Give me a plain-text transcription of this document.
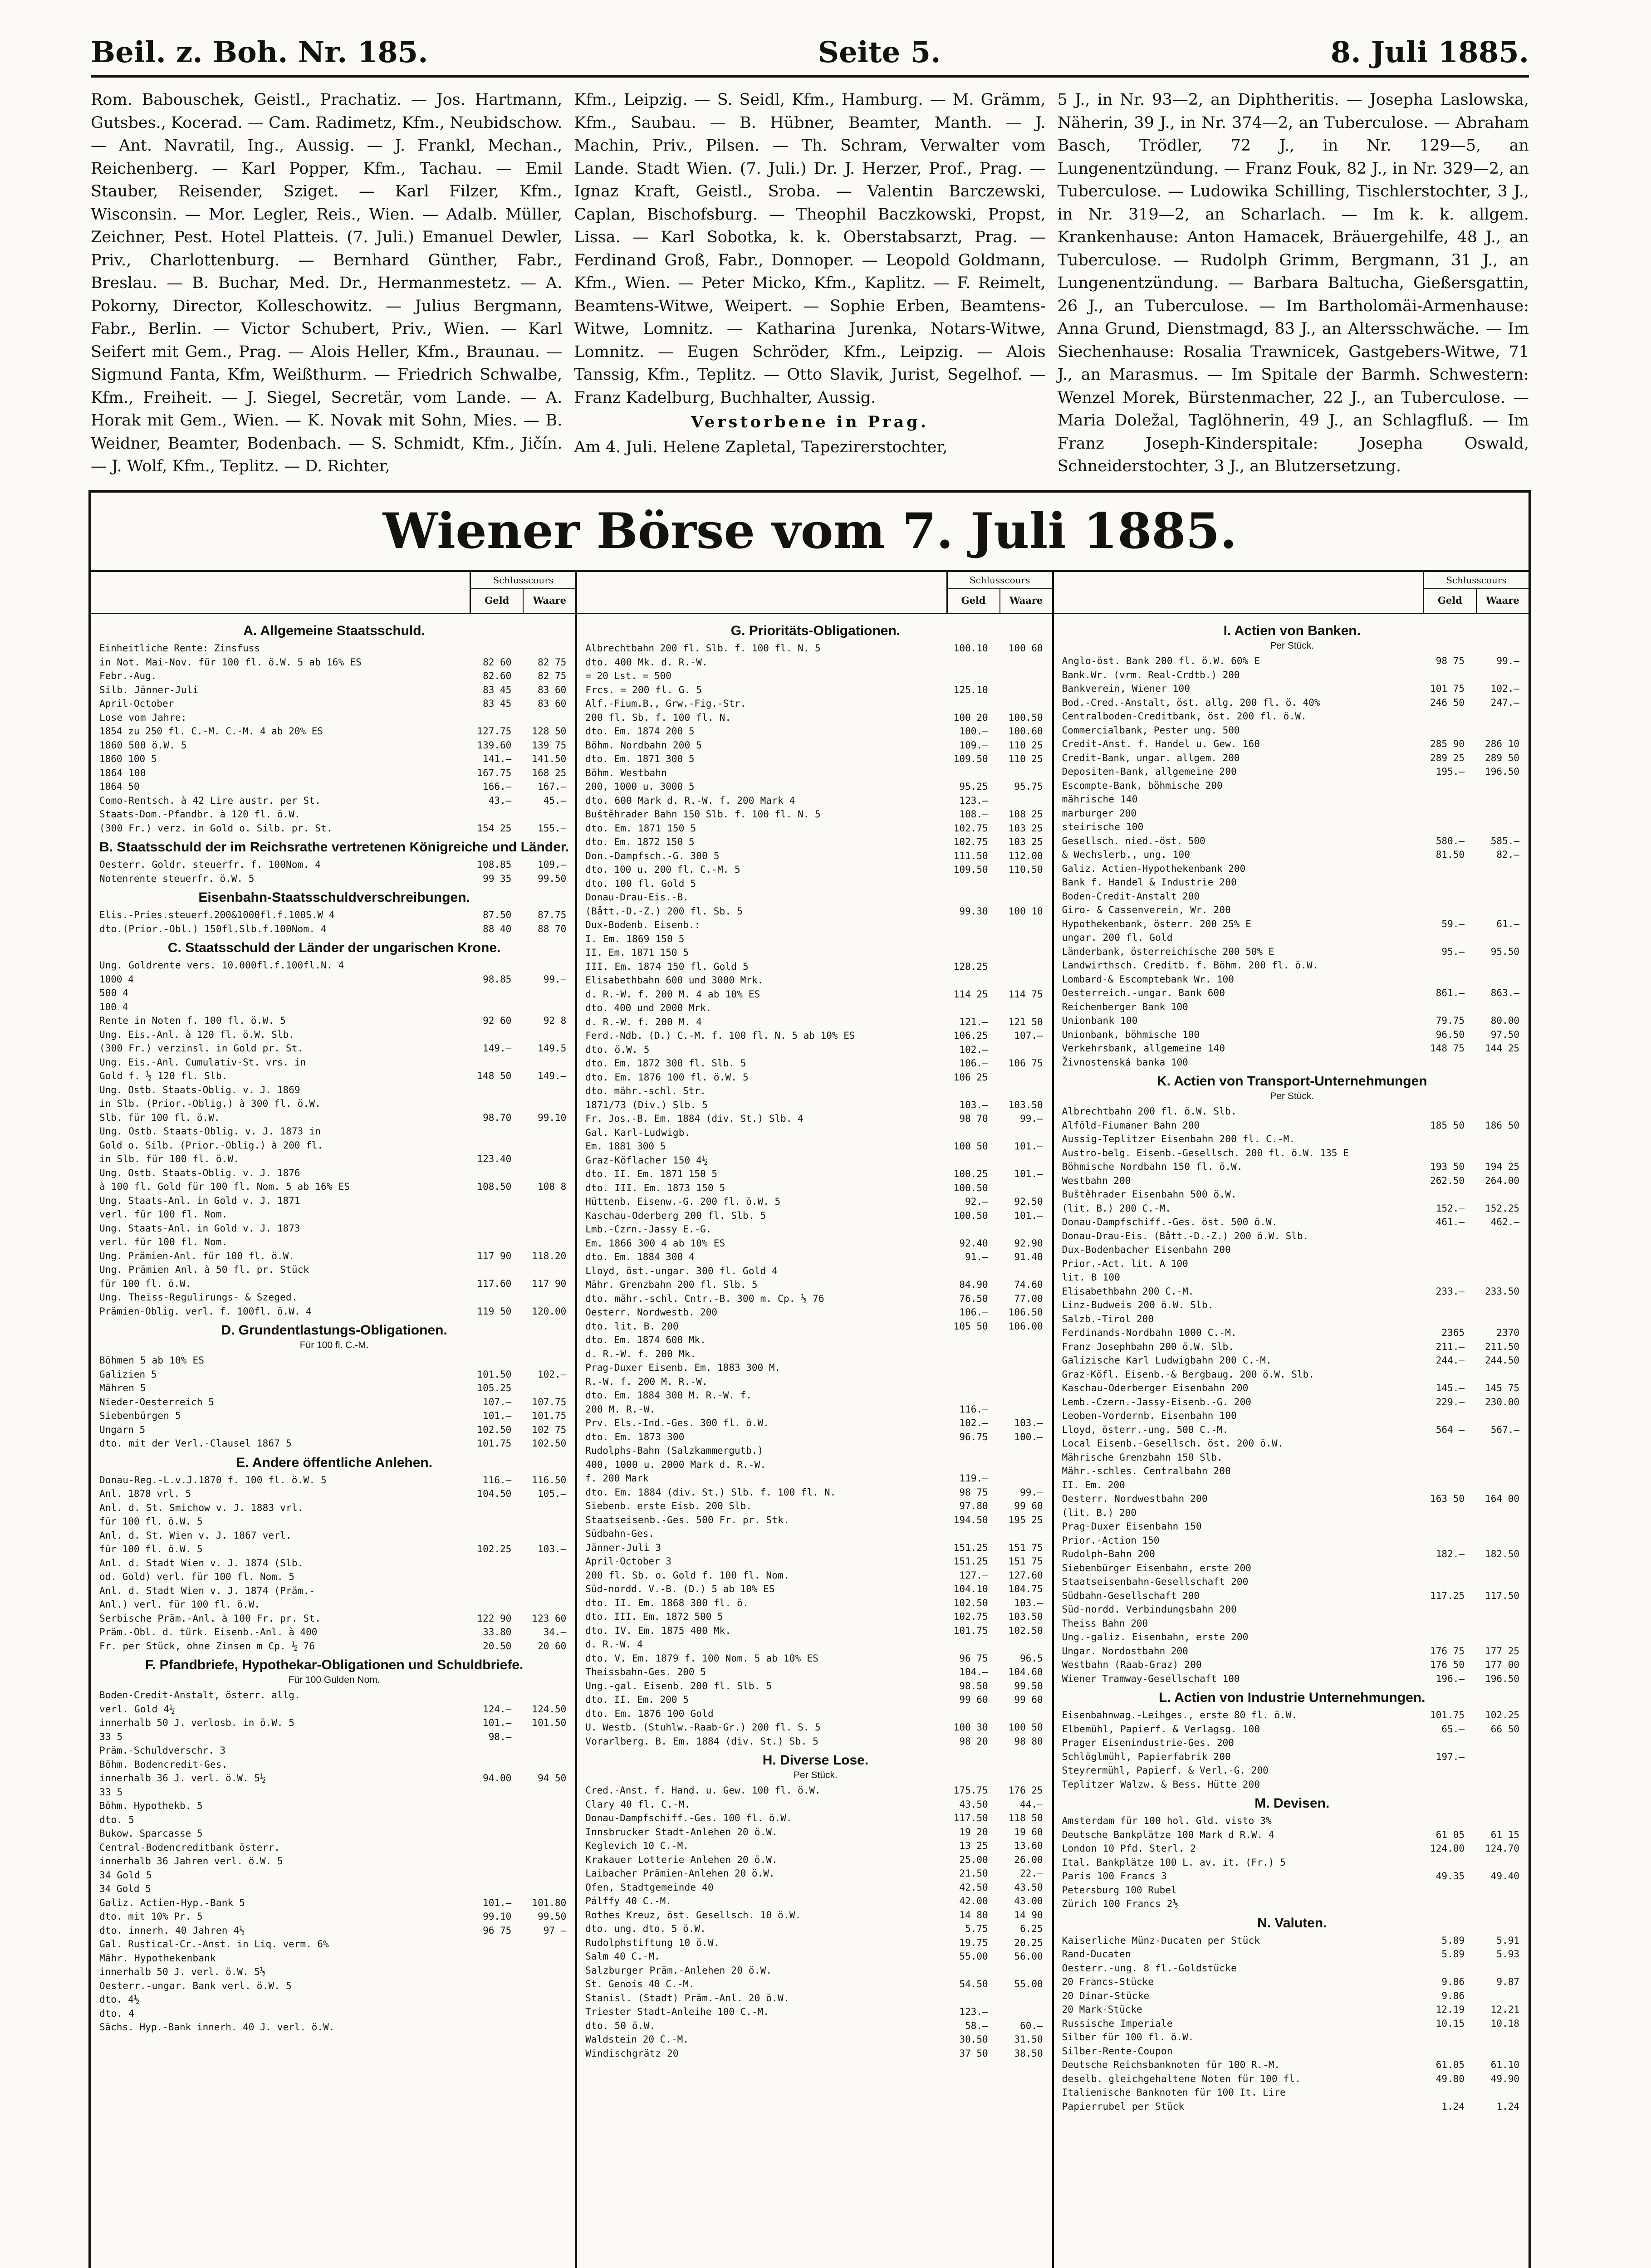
Beil. z. Boh. Nr. 185.	Seite 5.	8. Juli 1885.
Rom. Babouschek, Geistl., Prachatiz. — Jos. Hartmann, Gutsbes., Kocerad. — Cam. Radimetz, Kfm., Neubidschow. — Ant. Navratil, Ing., Aussig. — J. Frankl, Mechan., Reichenberg. — Karl Popper, Kfm., Tachau. — Emil Stauber, Reisender, Sziget. — Karl Filzer, Kfm., Wisconsin. — Mor. Legler, Reis., Wien. — Adalb. Müller, Zeichner, Pest. Hotel Platteis. (7. Juli.) Emanuel Dewler, Priv., Charlottenburg. — Bernhard Günther, Fabr., Breslau. — B. Buchar, Med. Dr., Hermanmestetz. — A. Pokorny, Director, Kolleschowitz. — Julius Bergmann, Fabr., Berlin. — Victor Schubert, Priv., Wien. — Karl Seifert mit Gem., Prag. — Alois Heller, Kfm., Braunau. — Sigmund Fanta, Kfm, Weißthurm. — Friedrich Schwalbe, Kfm., Freiheit. — J. Siegel, Secretär, vom Lande. — A. Horak mit Gem., Wien. — K. Novak mit Sohn, Mies. — B. Weidner, Beamter, Bodenbach. — S. Schmidt, Kfm., Jičín. — J. Wolf, Kfm., Teplitz. — D. Richter,
Kfm., Leipzig. — S. Seidl, Kfm., Hamburg. — M. Grämm, Kfm., Saubau. — B. Hübner, Beamter, Manth. — J. Machin, Priv., Pilsen. — Th. Schram, Verwalter vom Lande. Stadt Wien. (7. Juli.) Dr. J. Herzer, Prof., Prag. — Ignaz Kraft, Geistl., Sroba. — Valentin Barczewski, Caplan, Bischofsburg. — Theophil Baczkowski, Propst, Lissa. — Karl Sobotka, k. k. Oberstabsarzt, Prag. — Ferdinand Groß, Fabr., Donnoper. — Leopold Goldmann, Kfm., Wien. — Peter Micko, Kfm., Kaplitz. — F. Reimelt, Beamtens-Witwe, Weipert. — Sophie Erben, Beamtens-Witwe, Lomnitz. — Katharina Jurenka, Notars-Witwe, Lomnitz. — Eugen Schröder, Kfm., Leipzig. — Alois Tanssig, Kfm., Teplitz. — Otto Slavik, Jurist, Segelhof. — Franz Kadelburg, Buchhalter, Aussig.
Verstorbene in Prag.
Am 4. Juli. Helene Zapletal, Tapezirerstochter,
5 J., in Nr. 93—2, an Diphtheritis. — Josepha Laslowska, Näherin, 39 J., in Nr. 374—2, an Tuberculose. — Abraham Basch, Trödler, 72 J., in Nr. 129—5, an Lungenentzündung. — Franz Fouk, 82 J., in Nr. 329—2, an Tuberculose. — Ludowika Schilling, Tischlerstochter, 3 J., in Nr. 319—2, an Scharlach. — Im k. k. allgem. Krankenhause: Anton Hamacek, Bräuergehilfe, 48 J., an Tuberculose. — Rudolph Grimm, Bergmann, 31 J., an Lungenentzündung. — Barbara Baltucha, Gießersgattin, 26 J., an Tuberculose. — Im Bartholomäi-Armenhause: Anna Grund, Dienstmagd, 83 J., an Altersschwäche. — Im Siechenhause: Rosalia Trawnicek, Gastgebers-Witwe, 71 J., an Marasmus. — Im Spitale der Barmh. Schwestern: Wenzel Morek, Bürstenmacher, 22 J., an Tuberculose. — Maria Doležal, Taglöhnerin, 49 J., an Schlagfluß. — Im Franz Joseph-Kinderspitale: Josepha Oswald, Schneiderstochter, 3 J., an Blutzersetzung.
Wiener Börse vom 7. Juli 1885.
Schlusscours
Geld	Waare
A. Allgemeine Staatsschuld.
Einheitliche Rente: Zinsfuss
in Not. Mai-Nov. für 100 fl. ö.W. 5 ab 16% ES	82 60	82 75
Febr.-Aug.	82.60	82 75
Silb. Jänner-Juli	83 45	83 60
April-October	83 45	83 60
Lose vom Jahre:
1854 zu 250 fl. C.-M. C.-M. 4 ab 20% ES	127.75	128 50
1860 500 ö.W. 5	139.60	139 75
1860 100 5	141.—	141.50
1864 100	167.75	168 25
1864 50	166.—	167.—
Como-Rentsch. à 42 Lire austr. per St.	43.—	45.—
Staats-Dom.-Pfandbr. à 120 fl. ö.W.
(300 Fr.) verz. in Gold o. Silb. pr. St.	154 25	155.—
B. Staatsschuld der im Reichsrathe vertretenen Königreiche und Länder.
Oesterr. Goldr. steuerfr. f. 100Nom. 4	108.85	109.—
Notenrente steuerfr. ö.W. 5	99 35	99.50
Eisenbahn-Staatsschuldverschreibungen.
Elis.-Pries.steuerf.200&1000fl.f.100S.W 4	87.50	87.75
dto.(Prior.-Obl.) 150fl.Slb.f.100Nom. 4	88 40	88 70
C. Staatsschuld der Länder der ungarischen Krone.
Ung. Goldrente vers. 10.000fl.f.100fl.N. 4
1000 4	98.85	99.—
500 4
100 4
Rente in Noten f. 100 fl. ö.W. 5	92 60	92 8
Ung. Eis.-Anl. à 120 fl. ö.W. Slb.
(300 Fr.) verzinsl. in Gold pr. St.	149.—	149.5
Ung. Eis.-Anl. Cumulativ-St. vrs. in
Gold f. ½ 120 fl. Slb.	148 50	149.—
Ung. Ostb. Staats-Oblig. v. J. 1869
in Slb. (Prior.-Oblig.) à 300 fl. ö.W.
Slb. für 100 fl. ö.W.	98.70	99.10
Ung. Ostb. Staats-Oblig. v. J. 1873 in
Gold o. Silb. (Prior.-Oblig.) à 200 fl.
in Slb. für 100 fl. ö.W.	123.40
Ung. Ostb. Staats-Oblig. v. J. 1876
à 100 fl. Gold für 100 fl. Nom. 5 ab 16% ES	108.50	108 8
Ung. Staats-Anl. in Gold v. J. 1871
verl. für 100 fl. Nom.
Ung. Staats-Anl. in Gold v. J. 1873
verl. für 100 fl. Nom.
Ung. Prämien-Anl. für 100 fl. ö.W.	117 90	118.20
Ung. Prämien Anl. à 50 fl. pr. Stück
für 100 fl. ö.W.	117.60	117 90
Ung. Theiss-Regulirungs- & Szeged.
Prämien-Oblig. verl. f. 100fl. ö.W. 4	119 50	120.00
D. Grundentlastungs-Obligationen.
Für 100 fl. C.-M.
Böhmen 5 ab 10% ES
Galizien 5	101.50	102.—
Mähren 5	105.25
Nieder-Oesterreich 5	107.—	107.75
Siebenbürgen 5	101.—	101.75
Ungarn 5	102.50	102 75
dto. mit der Verl.-Clausel 1867 5	101.75	102.50
E. Andere öffentliche Anlehen.
Donau-Reg.-L.v.J.1870 f. 100 fl. ö.W. 5	116.—	116.50
Anl. 1878 vrl. 5	104.50	105.—
Anl. d. St. Smichow v. J. 1883 vrl.
für 100 fl. ö.W. 5
Anl. d. St. Wien v. J. 1867 verl.
für 100 fl. ö.W. 5	102.25	103.—
Anl. d. Stadt Wien v. J. 1874 (Slb.
od. Gold) verl. für 100 fl. Nom. 5
Anl. d. Stadt Wien v. J. 1874 (Präm.-
Anl.) verl. für 100 fl. ö.W.
Serbische Präm.-Anl. à 100 Fr. pr. St.	122 90	123 60
Präm.-Obl. d. türk. Eisenb.-Anl. à 400	33.80	34.—
Fr. per Stück, ohne Zinsen m Cp. ½ 76	20.50	20 60
F. Pfandbriefe, Hypothekar-Obligationen und Schuldbriefe.
Für 100 Gulden Nom.
Boden-Credit-Anstalt, österr. allg.
verl. Gold 4½	124.—	124.50
innerhalb 50 J. verlosb. in ö.W. 5	101.—	101.50
33 5	98.—
Präm.-Schuldverschr. 3
Böhm. Bodencredit-Ges.
innerhalb 36 J. verl. ö.W. 5½	94.00	94 50
33 5
Böhm. Hypothekb. 5
dto. 5
Bukow. Sparcasse 5
Central-Bodencreditbank österr.
innerhalb 36 Jahren verl. ö.W. 5
34 Gold 5
34 Gold 5
Galiz. Actien-Hyp.-Bank 5	101.—	101.80
dto. mit 10% Pr. 5	99.10	99.50
dto. innerh. 40 Jahren 4½	96 75	97 —
Gal. Rustical-Cr.-Anst. in Liq. verm. 6%
Mähr. Hypothekenbank
innerhalb 50 J. verl. ö.W. 5½
Oesterr.-ungar. Bank verl. ö.W. 5
dto. 4½
dto. 4
Sächs. Hyp.-Bank innerh. 40 J. verl. ö.W.
Schlusscours
Geld	Waare
G. Prioritäts-Obligationen.
Albrechtbahn 200 fl. Slb. f. 100 fl. N. 5	100.10	100 60
dto. 400 Mk. d. R.-W.
= 20 Lst. = 500
Frcs. = 200 fl. G. 5	125.10
Alf.-Fium.B., Grw.-Fig.-Str.
200 fl. Sb. f. 100 fl. N.	100 20	100.50
dto. Em. 1874 200 5	100.—	100.60
Böhm. Nordbahn 200 5	109.—	110 25
dto. Em. 1871 300 5	109.50	110 25
Böhm. Westbahn
200, 1000 u. 3000 5	95.25	95.75
dto. 600 Mark d. R.-W. f. 200 Mark 4	123.—
Buštěhrader Bahn 150 Slb. f. 100 fl. N. 5	108.—	108 25
dto. Em. 1871 150 5	102.75	103 25
dto. Em. 1872 150 5	102.75	103 25
Don.-Dampfsch.-G. 300 5	111.50	112.00
dto. 100 u. 200 fl. C.-M. 5	109.50	110.50
dto. 100 fl. Gold 5
Donau-Drau-Eis.-B.
(Bått.-D.-Z.) 200 fl. Sb. 5	99.30	100 10
Dux-Bodenb. Eisenb.:
I. Em. 1869 150 5
II. Em. 1871 150 5
III. Em. 1874 150 fl. Gold 5	128.25
Elisabethbahn 600 und 3000 Mrk.
d. R.-W. f. 200 M. 4 ab 10% ES	114 25	114 75
dto. 400 und 2000 Mrk.
d. R.-W. f. 200 M. 4	121.—	121 50
Ferd.-Ndb. (D.) C.-M. f. 100 fl. N. 5 ab 10% ES	106.25	107.—
dto. ö.W. 5	102.—
dto. Em. 1872 300 fl. Slb. 5	106.—	106 75
dto. Em. 1876 100 fl. ö.W. 5	106 25
dto. mähr.-schl. Str.
1871/73 (Div.) Slb. 5	103.—	103.50
Fr. Jos.-B. Em. 1884 (div. St.) Slb. 4	98 70	99.—
Gal. Karl-Ludwigb.
Em. 1881 300 5	100 50	101.—
Graz-Köflacher 150 4½
dto. II. Em. 1871 150 5	100.25	101.—
dto. III. Em. 1873 150 5	100.50
Hüttenb. Eisenw.-G. 200 fl. ö.W. 5	92.—	92.50
Kaschau-Oderberg 200 fl. Slb. 5	100.50	101.—
Lmb.-Czrn.-Jassy E.-G.
Em. 1866 300 4 ab 10% ES	92.40	92.90
dto. Em. 1884 300 4	91.—	91.40
Lloyd, öst.-ungar. 300 fl. Gold 4
Mähr. Grenzbahn 200 fl. Slb. 5	84.90	74.60
dto. mähr.-schl. Cntr.-B. 300 m. Cp. ½ 76	76.50	77.00
Oesterr. Nordwestb. 200	106.—	106.50
dto. lit. B. 200	105 50	106.00
dto. Em. 1874 600 Mk.
d. R.-W. f. 200 Mk.
Prag-Duxer Eisenb. Em. 1883 300 M.
R.-W. f. 200 M. R.-W.
dto. Em. 1884 300 M. R.-W. f.
200 M. R.-W.	116.—
Prv. Els.-Ind.-Ges. 300 fl. ö.W.	102.—	103.—
dto. Em. 1873 300	96.75	100.—
Rudolphs-Bahn (Salzkammergutb.)
400, 1000 u. 2000 Mark d. R.-W.
f. 200 Mark	119.—
dto. Em. 1884 (div. St.) Slb. f. 100 fl. N.	98 75	99.—
Siebenb. erste Eisb. 200 Slb.	97.80	99 60
Staatseisenb.-Ges. 500 Fr. pr. Stk.	194.50	195 25
Südbahn-Ges.
Jänner-Juli 3	151.25	151 75
April-October 3	151.25	151 75
200 fl. Sb. o. Gold f. 100 fl. Nom.	127.—	127.60
Süd-nordd. V.-B. (D.) 5 ab 10% ES	104.10	104.75
dto. II. Em. 1868 300 fl. ö.	102.50	103.—
dto. III. Em. 1872 500 5	102.75	103.50
dto. IV. Em. 1875 400 Mk.	101.75	102.50
d. R.-W. 4
dto. V. Em. 1879 f. 100 Nom. 5 ab 10% ES	96 75	96.5
Theissbahn-Ges. 200 5	104.—	104.60
Ung.-gal. Eisenb. 200 fl. Slb. 5	98.50	99.50
dto. II. Em. 200 5	99 60	99 60
dto. Em. 1876 100 Gold
U. Westb. (Stuhlw.-Raab-Gr.) 200 fl. S. 5	100 30	100 50
Vorarlberg. B. Em. 1884 (div. St.) Sb. 5	98 20	98 80
H. Diverse Lose.
Per Stück.
Cred.-Anst. f. Hand. u. Gew. 100 fl. ö.W.	175.75	176 25
Clary 40 fl. C.-M.	43.50	44.—
Donau-Dampfschiff.-Ges. 100 fl. ö.W.	117.50	118 50
Innsbrucker Stadt-Anlehen 20 ö.W.	19 20	19 60
Keglevich 10 C.-M.	13 25	13.60
Krakauer Lotterie Anlehen 20 ö.W.	25.00	26.00
Laibacher Prämien-Anlehen 20 ö.W.	21.50	22.—
Ofen, Stadtgemeinde 40	42.50	43.50
Pálffy 40 C.-M.	42.00	43.00
Rothes Kreuz, öst. Gesellsch. 10 ö.W.	14 80	14 90
dto. ung. dto. 5 ö.W.	5.75	6.25
Rudolphstiftung 10 ö.W.	19.75	20.25
Salm 40 C.-M.	55.00	56.00
Salzburger Präm.-Anlehen 20 ö.W.
St. Genois 40 C.-M.	54.50	55.00
Stanisl. (Stadt) Präm.-Anl. 20 ö.W.
Triester Stadt-Anleihe 100 C.-M.	123.—
dto. 50 ö.W.	58.—	60.—
Waldstein 20 C.-M.	30.50	31.50
Windischgrätz 20	37 50	38.50
Schlusscours
Geld	Waare
I. Actien von Banken.
Per Stück.
Anglo-öst. Bank 200 fl. ö.W. 60% E	98 75	99.—
Bank.Wr. (vrm. Real-Crdtb.) 200
Bankverein, Wiener 100	101 75	102.—
Bod.-Cred.-Anstalt, öst. allg. 200 fl. ö. 40%	246 50	247.—
Centralboden-Creditbank, öst. 200 fl. ö.W.
Commercialbank, Pester ung. 500
Credit-Anst. f. Handel u. Gew. 160	285 90	286 10
Credit-Bank, ungar. allgem. 200	289 25	289 50
Depositen-Bank, allgemeine 200	195.—	196.50
Escompte-Bank, böhmische 200
mährische 140
marburger 200
steirische 100
Gesellsch. nied.-öst. 500	580.—	585.—
& Wechslerb., ung. 100	81.50	82.—
Galiz. Actien-Hypothekenbank 200
Bank f. Handel & Industrie 200
Boden-Credit-Anstalt 200
Giro- & Cassenverein, Wr. 200
Hypothekenbank, österr. 200 25% E	59.—	61.—
ungar. 200 fl. Gold
Länderbank, österreichische 200 50% E	95.—	95.50
Landwirthsch. Creditb. f. Böhm. 200 fl. ö.W.
Lombard-& Escomptebank Wr. 100
Oesterreich.-ungar. Bank 600	861.—	863.—
Reichenberger Bank 100
Unionbank 100	79.75	80.00
Unionbank, böhmische 100	96.50	97.50
Verkehrsbank, allgemeine 140	148 75	144 25
Živnostenská banka 100
K. Actien von Transport-Unternehmungen
Per Stück.
Albrechtbahn 200 fl. ö.W. Slb.
Alföld-Fiumaner Bahn 200	185 50	186 50
Aussig-Teplitzer Eisenbahn 200 fl. C.-M.
Austro-belg. Eisenb.-Gesellsch. 200 fl. ö.W. 135 E
Böhmische Nordbahn 150 fl. ö.W.	193 50	194 25
Westbahn 200	262.50	264.00
Buštěhrader Eisenbahn 500 ö.W.
(lit. B.) 200 C.-M.	152.—	152.25
Donau-Dampfschiff.-Ges. öst. 500 ö.W.	461.—	462.—
Donau-Drau-Eis. (Bått.-D.-Z.) 200 ö.W. Slb.
Dux-Bodenbacher Eisenbahn 200
Prior.-Act. lit. A 100
lit. B 100
Elisabethbahn 200 C.-M.	233.—	233.50
Linz-Budweis 200 ö.W. Slb.
Salzb.-Tirol 200
Ferdinands-Nordbahn 1000 C.-M.	2365	2370
Franz Josephbahn 200 ö.W. Slb.	211.—	211.50
Galizische Karl Ludwigbahn 200 C.-M.	244.—	244.50
Graz-Köfl. Eisenb.-& Bergbaug. 200 ö.W. Slb.
Kaschau-Oderberger Eisenbahn 200	145.—	145 75
Lemb.-Czern.-Jassy-Eisenb.-G. 200	229.—	230.00
Leoben-Vordernb. Eisenbahn 100
Lloyd, österr.-ung. 500 C.-M.	564 —	567.—
Local Eisenb.-Gesellsch. öst. 200 ö.W.
Mährische Grenzbahn 150 Slb.
Mähr.-schles. Centralbahn 200
II. Em. 200
Oesterr. Nordwestbahn 200	163 50	164 00
(lit. B.) 200
Prag-Duxer Eisenbahn 150
Prior.-Action 150
Rudolph-Bahn 200	182.—	182.50
Siebenbürger Eisenbahn, erste 200
Staatseisenbahn-Gesellschaft 200
Südbahn-Gesellschaft 200	117.25	117.50
Süd-nordd. Verbindungsbahn 200
Theiss Bahn 200
Ung.-galiz. Eisenbahn, erste 200
Ungar. Nordostbahn 200	176 75	177 25
Westbahn (Raab-Graz) 200	176 50	177 00
Wiener Tramway-Gesellschaft 100	196.—	196.50
L. Actien von Industrie Unternehmungen.
Eisenbahnwag.-Leihges., erste 80 fl. ö.W.	101.75	102.25
Elbemühl, Papierf. & Verlagsg. 100	65.—	66 50
Prager Eisenindustrie-Ges. 200
Schlöglmühl, Papierfabrik 200	197.—
Steyrermühl, Papierf. & Verl.-G. 200
Teplitzer Walzw. & Bess. Hütte 200
M. Devisen.
Amsterdam für 100 hol. Gld. visto 3%
Deutsche Bankplätze 100 Mark d R.W. 4	61 05	61 15
London 10 Pfd. Sterl. 2	124.00	124.70
Ital. Bankplätze 100 L. av. it. (Fr.) 5
Paris 100 Francs 3	49.35	49.40
Petersburg 100 Rubel
Zürich 100 Francs 2½
N. Valuten.
Kaiserliche Münz-Ducaten per Stück	5.89	5.91
Rand-Ducaten	5.89	5.93
Oesterr.-ung. 8 fl.-Goldstücke
20 Francs-Stücke	9.86	9.87
20 Dinar-Stücke	9.86
20 Mark-Stücke	12.19	12.21
Russische Imperiale	10.15	10.18
Silber für 100 fl. ö.W.
Silber-Rente-Coupon
Deutsche Reichsbanknoten für 100 R.-M.	61.05	61.10
deselb. gleichgehaltene Noten für 100 fl.	49.80	49.90
Italienische Banknoten für 100 It. Lire
Papierrubel per Stück	1.24	1.24
